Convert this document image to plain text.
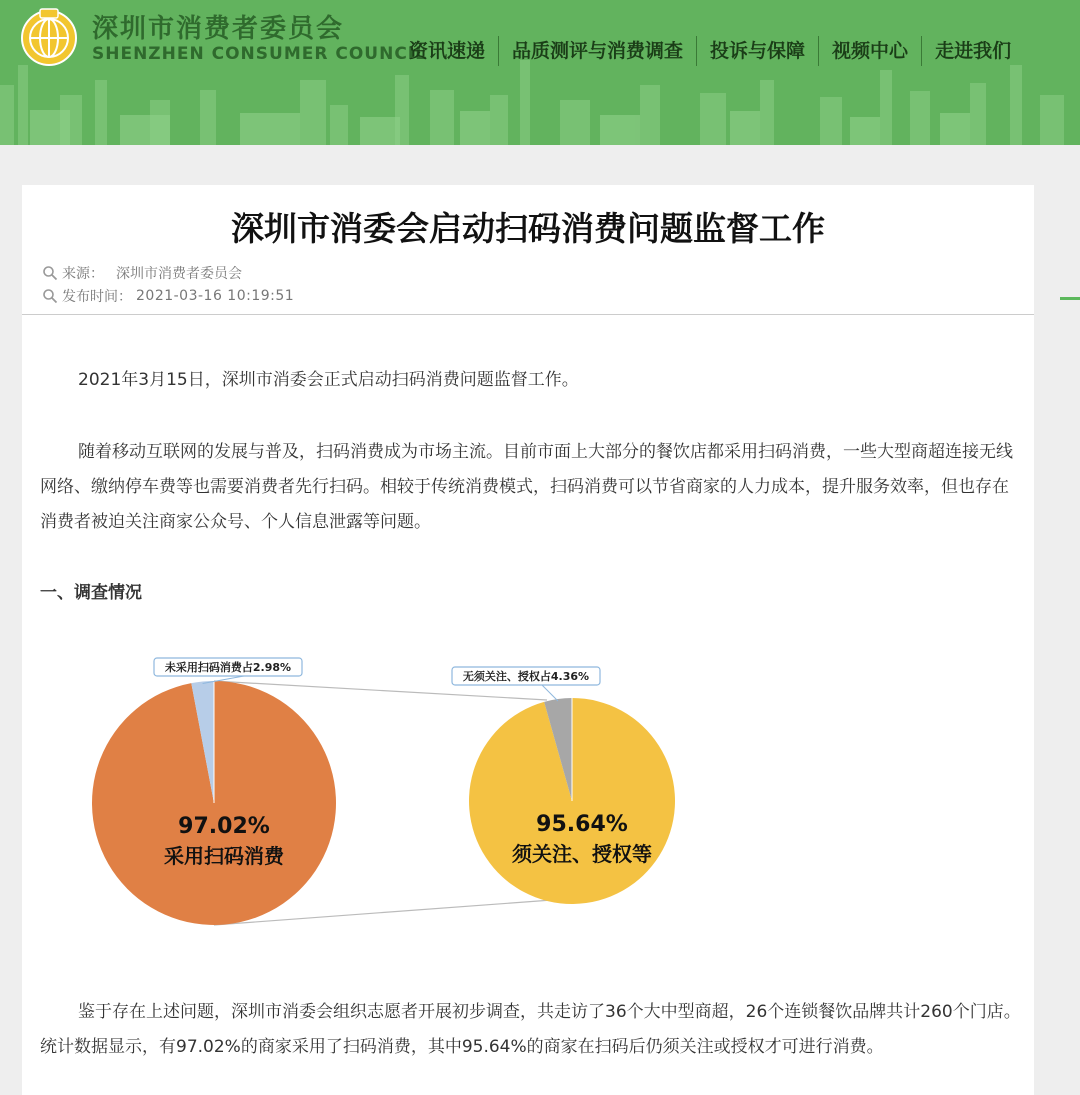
深圳市消费者委员会
SHENZHEN CONSUMER COUNCIL
资讯速递	品质测评与消费调查	投诉与保障	视频中心	走进我们
深圳市消委会启动扫码消费问题监督工作
来源： 深圳市消费者委员会
发布时间： 2021-03-16 10:19:51

2021年3月15日，深圳市消委会正式启动扫码消费问题监督工作。

随着移动互联网的发展与普及，扫码消费成为市场主流。目前市面上大部分的餐饮店都采用扫码消费，一些大型商超连接无线网络、缴纳停车费等也需要消费者先行扫码。相较于传统消费模式，扫码消费可以节省商家的人力成本，提升服务效率，但也存在消费者被迫关注商家公众号、个人信息泄露等问题。

一、调查情况
未采用扫码消费占2.98%
97.02%
采用扫码消费
无须关注、授权占4.36%
95.64%
须关注、授权等

鉴于存在上述问题，深圳市消委会组织志愿者开展初步调查，共走访了36个大中型商超，26个连锁餐饮品牌共计260个门店。统计数据显示，有97.02%的商家采用了扫码消费，其中95.64%的商家在扫码后仍须关注或授权才可进行消费。
